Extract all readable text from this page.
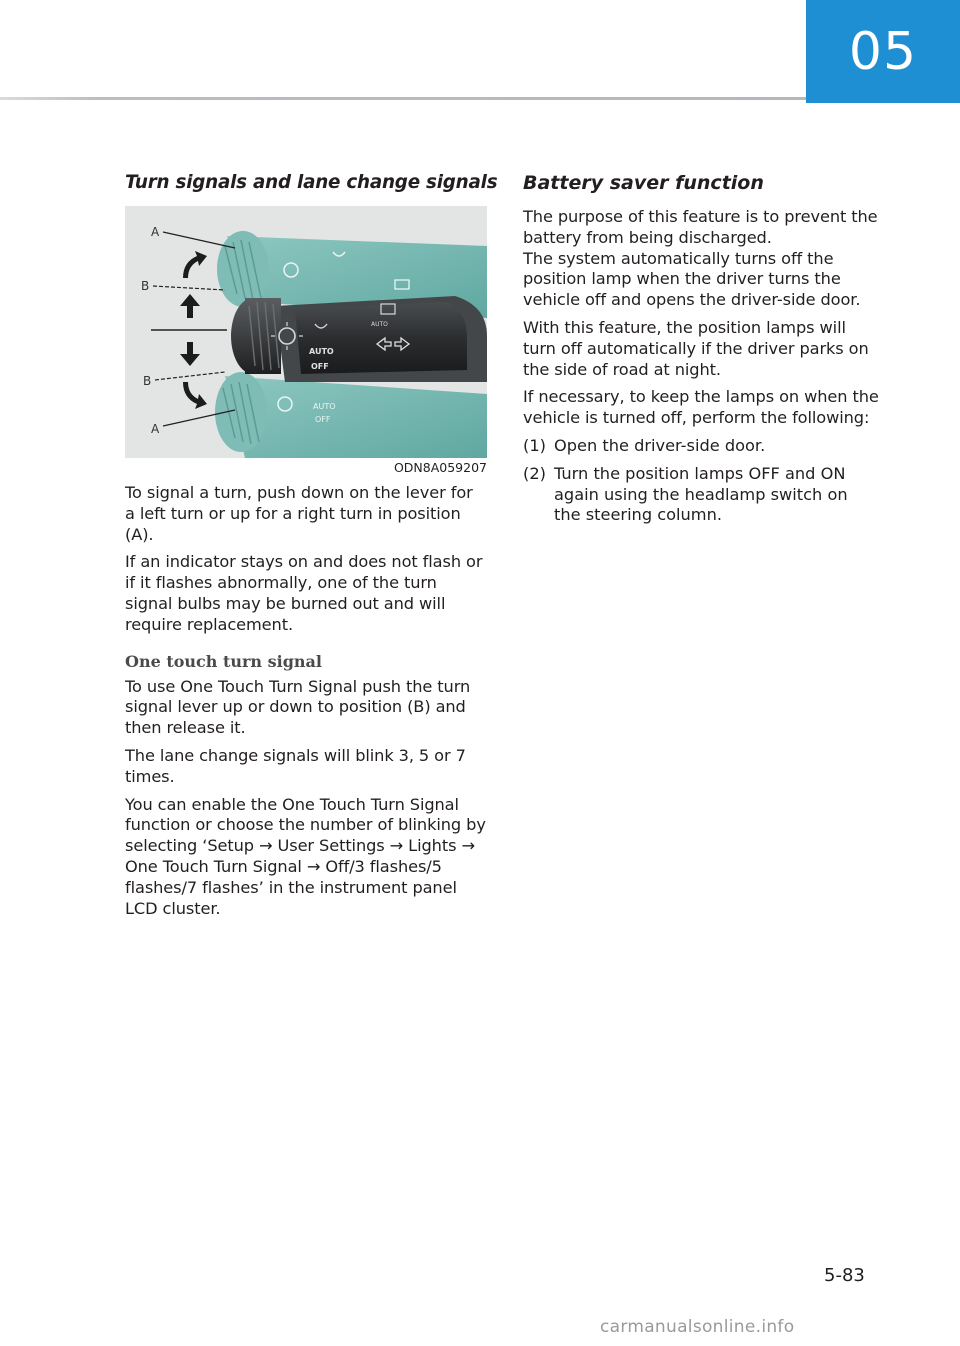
05
Turn signals and lane change signals
AUTO
OFF
AUTO
OFF
AUTO
A
B
B
A
ODN8A059207

To signal a turn, push down on the lever for a left turn or up for a right turn in position (A).

If an indicator stays on and does not flash or if it flashes abnormally, one of the turn signal bulbs may be burned out and will require replacement.

One touch turn signal

To use One Touch Turn Signal push the turn signal lever up or down to position (B) and then release it.

The lane change signals will blink 3, 5 or 7 times.

You can enable the One Touch Turn Signal function or choose the number of blinking by selecting ‘Setup → User Settings → Lights → One Touch Turn Signal → Off/3 flashes/5 flashes/7 flashes’ in the instrument panel LCD cluster.

Battery saver function

The purpose of this feature is to prevent the battery from being discharged.

The system automatically turns off the position lamp when the driver turns the vehicle off and opens the driver-side door.

With this feature, the position lamps will turn off automatically if the driver parks on the side of road at night.

If necessary, to keep the lamps on when the vehicle is turned off, perform the following:

(1) Open the driver-side door.
(2) Turn the position lamps OFF and ON again using the headlamp switch on the steering column.
5-83
carmanualsonline.info
